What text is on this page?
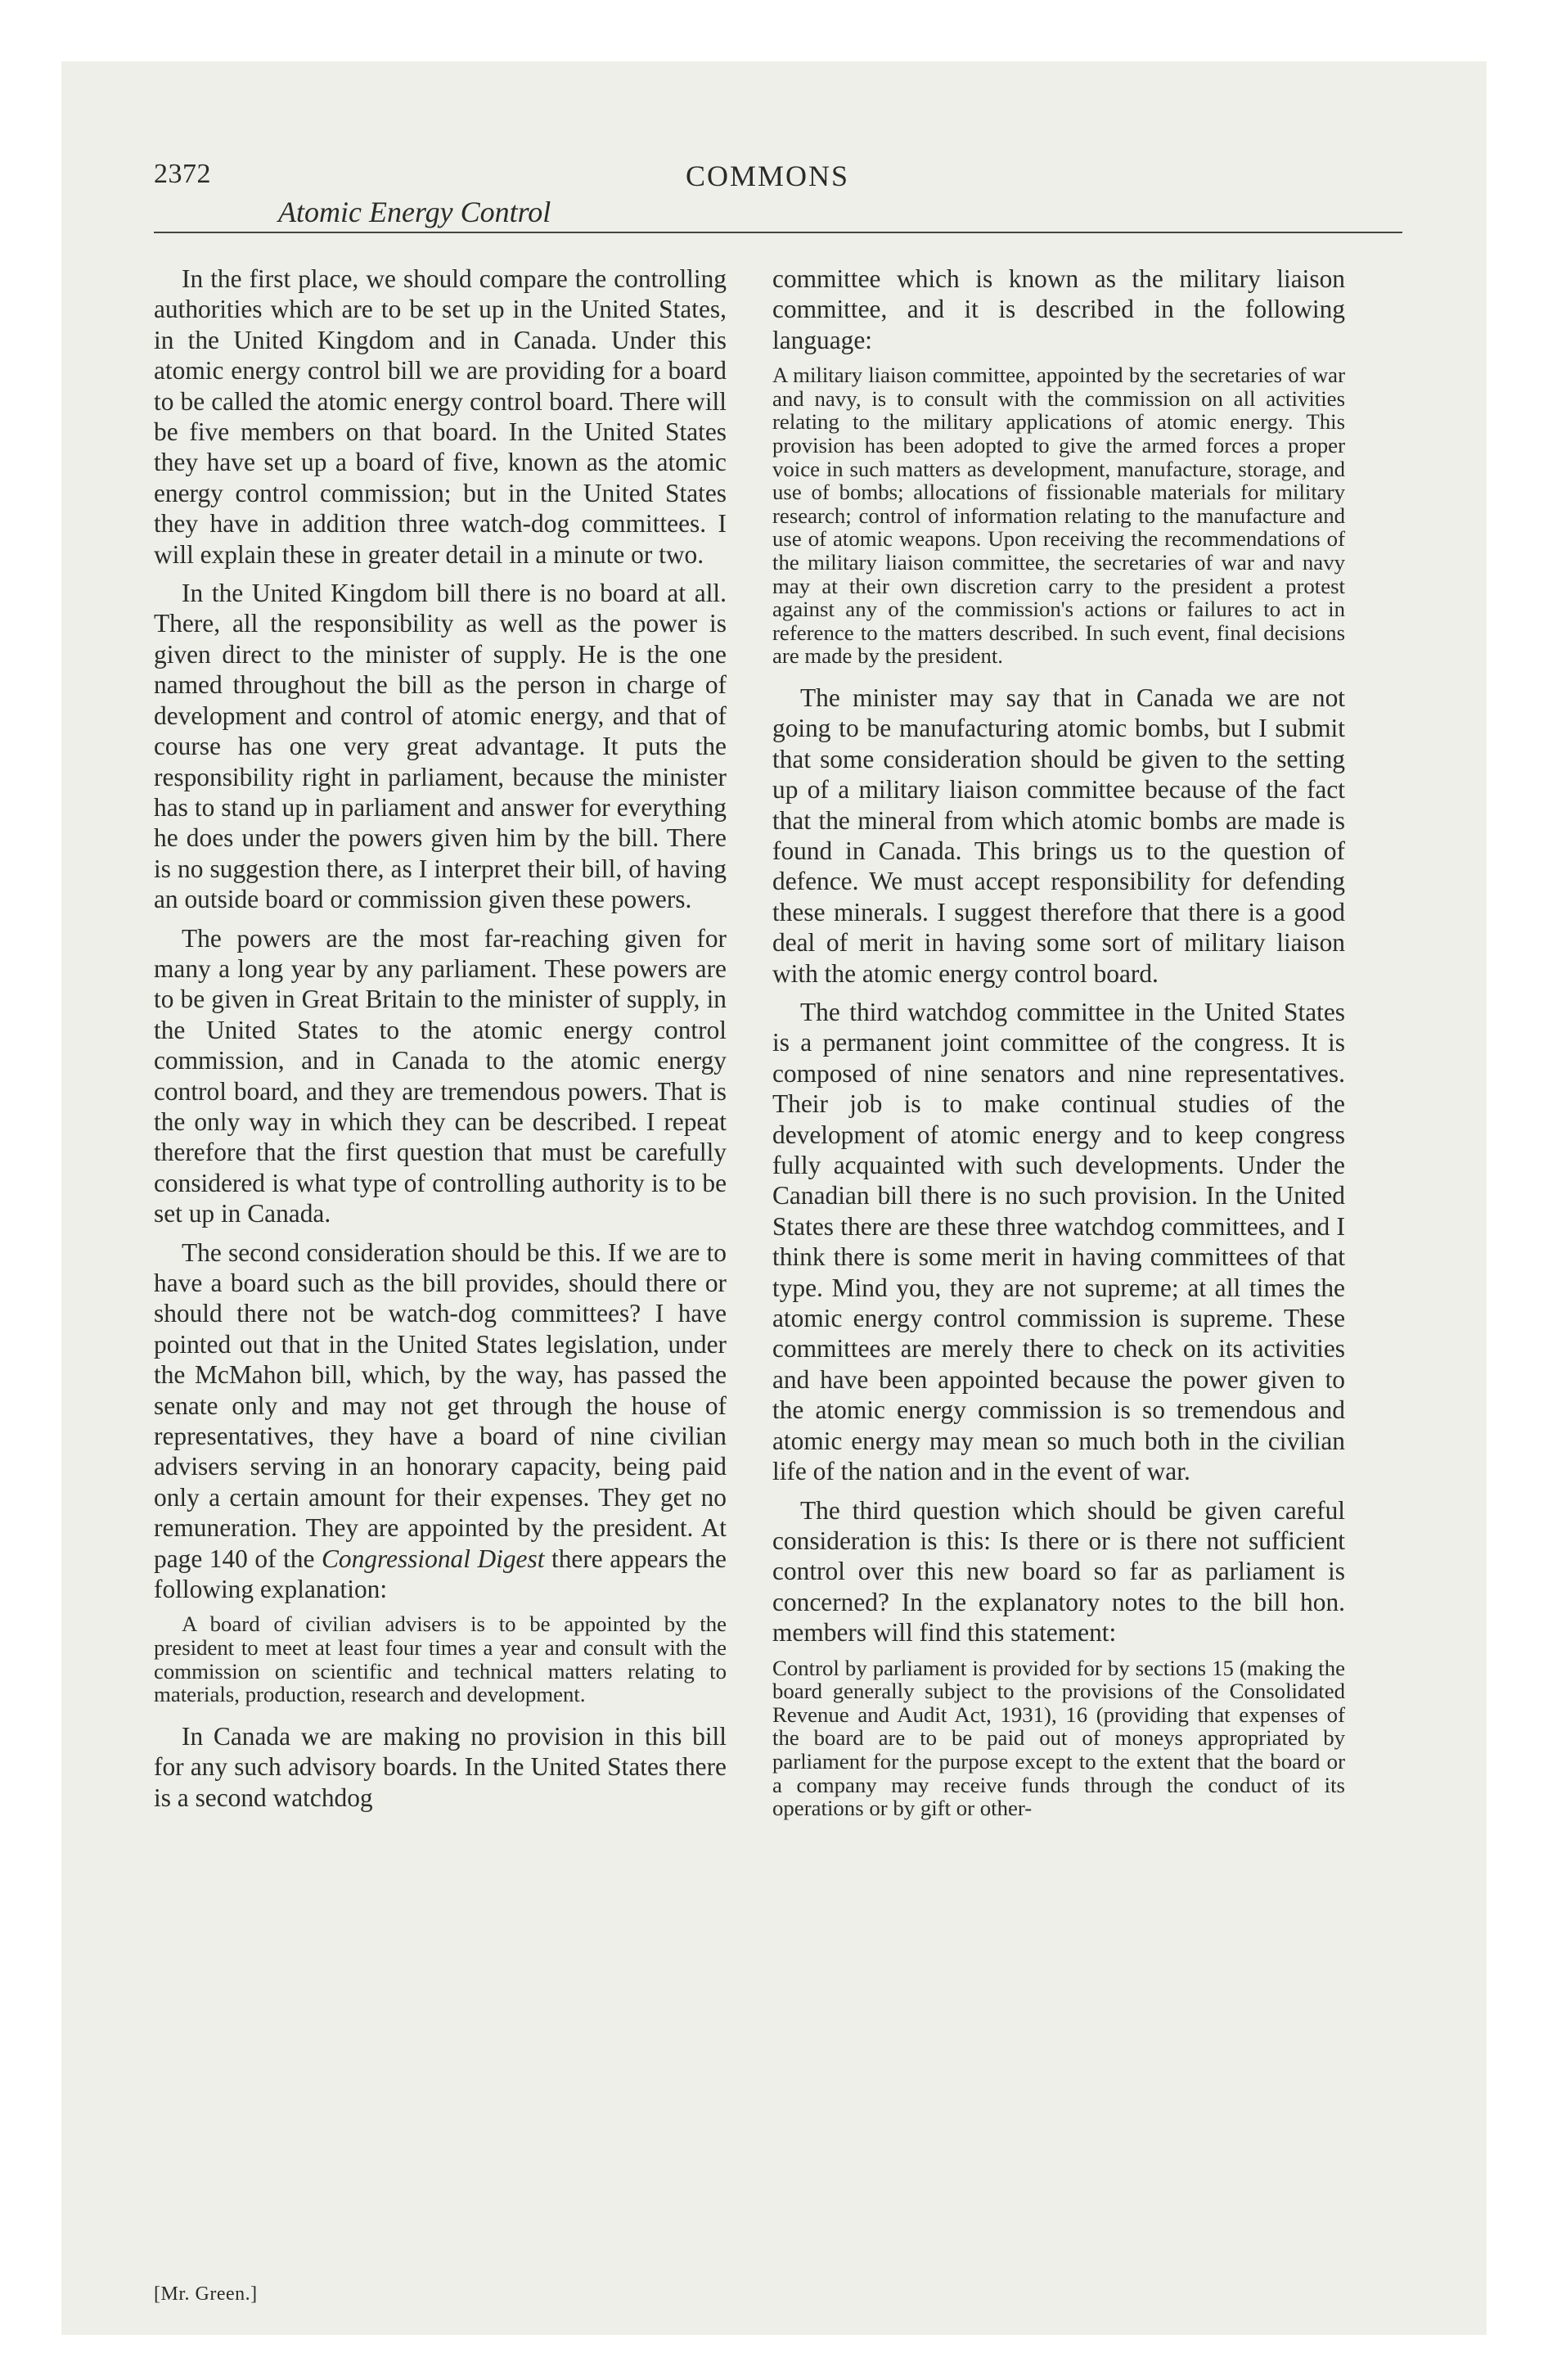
2372	COMMONS
Atomic Energy Control

In the first place, we should compare the controlling authorities which are to be set up in the United States, in the United Kingdom and in Canada. Under this atomic energy control bill we are providing for a board to be called the atomic energy control board. There will be five members on that board. In the United States they have set up a board of five, known as the atomic energy control commission; but in the United States they have in addition three watch-dog committees. I will explain these in greater detail in a minute or two.

In the United Kingdom bill there is no board at all. There, all the responsibility as well as the power is given direct to the minister of supply. He is the one named throughout the bill as the person in charge of development and control of atomic energy, and that of course has one very great advantage. It puts the responsibility right in parliament, because the minister has to stand up in parliament and answer for everything he does under the powers given him by the bill. There is no suggestion there, as I interpret their bill, of having an outside board or commission given these powers.

The powers are the most far-reaching given for many a long year by any parliament. These powers are to be given in Great Britain to the minister of supply, in the United States to the atomic energy control commission, and in Canada to the atomic energy control board, and they are tremendous powers. That is the only way in which they can be described. I repeat therefore that the first question that must be carefully considered is what type of controlling authority is to be set up in Canada.

The second consideration should be this. If we are to have a board such as the bill provides, should there or should there not be watch-dog committees? I have pointed out that in the United States legislation, under the McMahon bill, which, by the way, has passed the senate only and may not get through the house of representatives, they have a board of nine civilian advisers serving in an honorary capacity, being paid only a certain amount for their expenses. They get no remuneration. They are appointed by the president. At page 140 of the Congressional Digest there appears the following explanation:

A board of civilian advisers is to be appointed by the president to meet at least four times a year and consult with the commission on scientific and technical matters relating to materials, production, research and development.

In Canada we are making no provision in this bill for any such advisory boards. In the United States there is a second watchdog

committee which is known as the military liaison committee, and it is described in the following language:

A military liaison committee, appointed by the secretaries of war and navy, is to consult with the commission on all activities relating to the military applications of atomic energy. This provision has been adopted to give the armed forces a proper voice in such matters as development, manufacture, storage, and use of bombs; allocations of fissionable materials for military research; control of information relating to the manufacture and use of atomic weapons. Upon receiving the recommendations of the military liaison committee, the secretaries of war and navy may at their own discretion carry to the president a protest against any of the commission's actions or failures to act in reference to the matters described. In such event, final decisions are made by the president.

The minister may say that in Canada we are not going to be manufacturing atomic bombs, but I submit that some consideration should be given to the setting up of a military liaison committee because of the fact that the mineral from which atomic bombs are made is found in Canada. This brings us to the question of defence. We must accept responsibility for defending these minerals. I suggest therefore that there is a good deal of merit in having some sort of military liaison with the atomic energy control board.

The third watchdog committee in the United States is a permanent joint committee of the congress. It is composed of nine senators and nine representatives. Their job is to make continual studies of the development of atomic energy and to keep congress fully acquainted with such developments. Under the Canadian bill there is no such provision. In the United States there are these three watchdog committees, and I think there is some merit in having committees of that type. Mind you, they are not supreme; at all times the atomic energy control commission is supreme. These committees are merely there to check on its activities and have been appointed because the power given to the atomic energy commission is so tremendous and atomic energy may mean so much both in the civilian life of the nation and in the event of war.

The third question which should be given careful consideration is this: Is there or is there not sufficient control over this new board so far as parliament is concerned? In the explanatory notes to the bill hon. members will find this statement:

Control by parliament is provided for by sections 15 (making the board generally subject to the provisions of the Consolidated Revenue and Audit Act, 1931), 16 (providing that expenses of the board are to be paid out of moneys appropriated by parliament for the purpose except to the extent that the board or a company may receive funds through the conduct of its operations or by gift or other-

[Mr. Green.]
